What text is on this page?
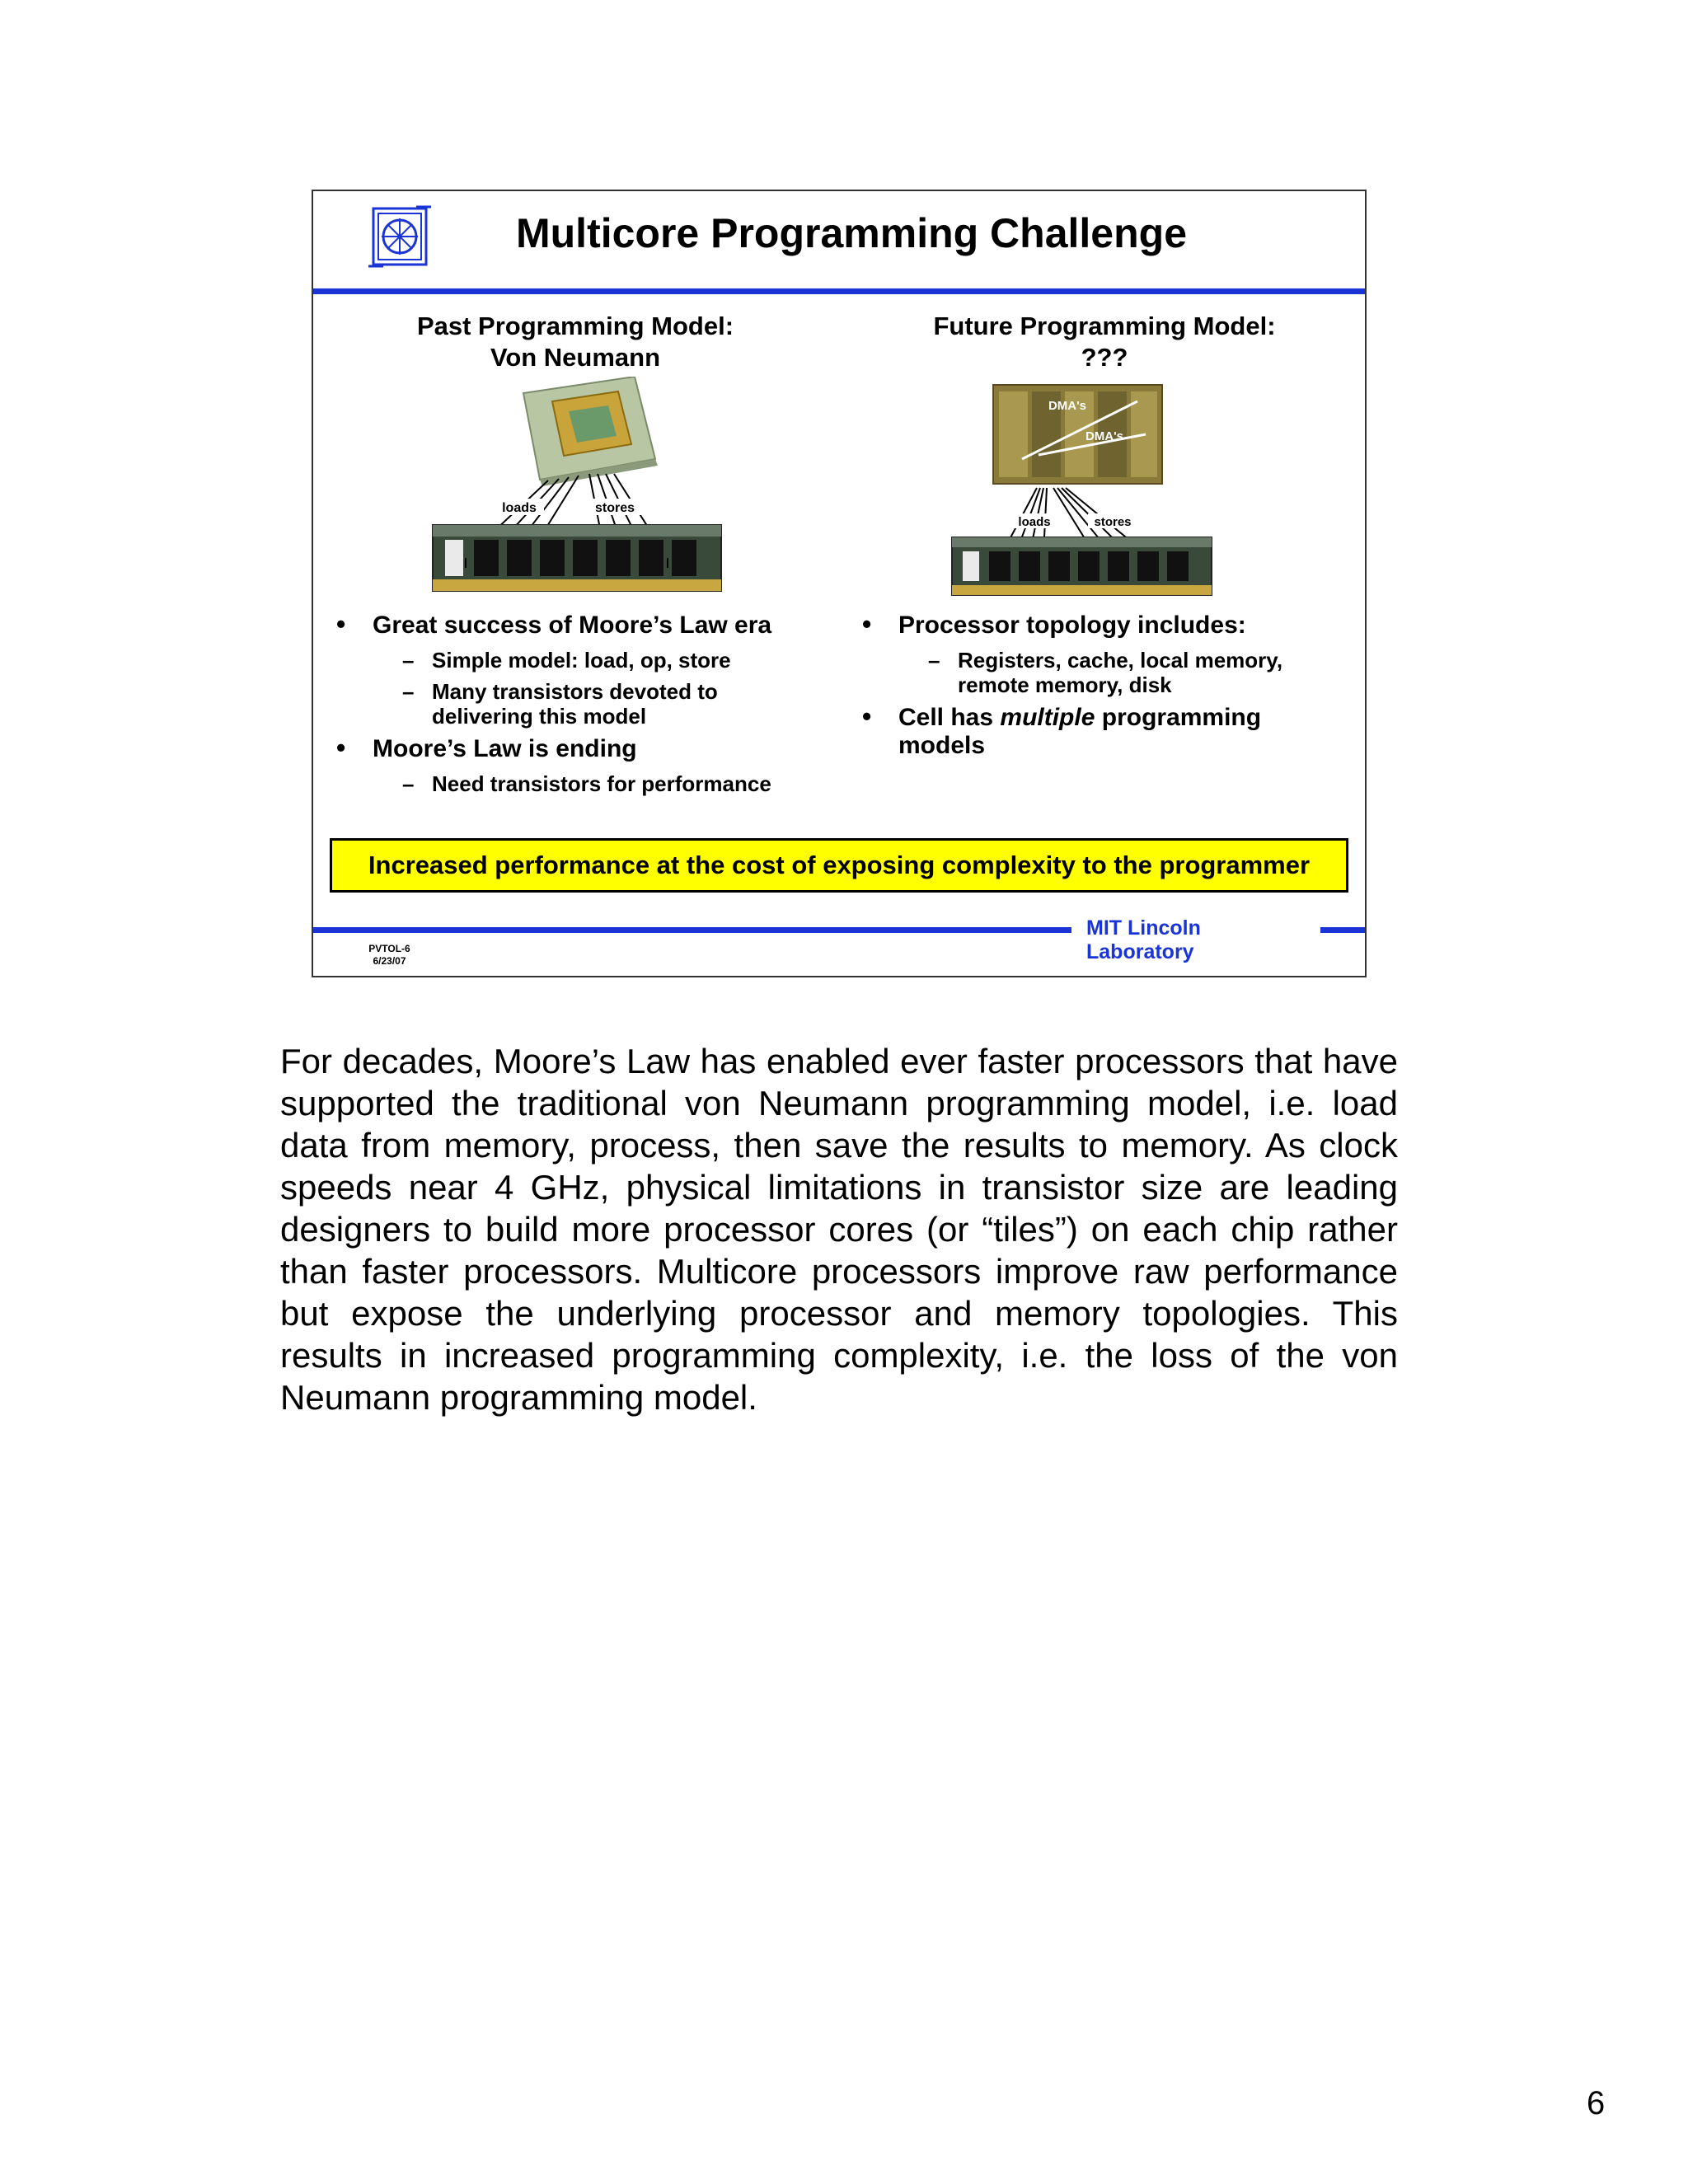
Multicore Programming Challenge
Past Programming Model:
Von Neumann
Future Programming Model:
???
loads	stores
DMA's
DMA's
loads	stores
• Great success of Moore’s Law era
– Simple model: load, op, store
– Many transistors devoted to delivering this model
• Moore’s Law is ending
– Need transistors for performance
• Processor topology includes:
– Registers, cache, local memory, remote memory, disk
• Cell has multiple programming models
Increased performance at the cost of exposing complexity to the programmer
MIT Lincoln Laboratory
PVTOL-6
6/23/07
For decades, Moore’s Law has enabled ever faster processors that have supported the traditional von Neumann programming model, i.e. load data from memory, process, then save the results to memory. As clock speeds near 4 GHz, physical limitations in transistor size are leading designers to build more processor cores (or “tiles”) on each chip rather than faster processors. Multicore processors improve raw performance but expose the underlying processor and memory topologies. This results in increased programming complexity, i.e. the loss of the von Neumann programming model.
6
